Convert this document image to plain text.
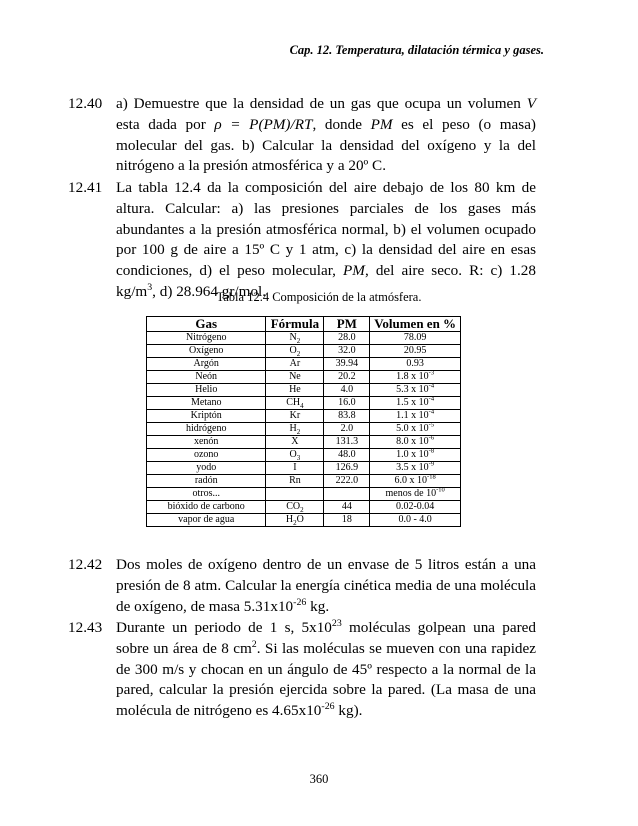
Cap. 12. Temperatura, dilatación térmica y gases.
12.40 a) Demuestre que la densidad de un gas que ocupa un volumen V esta dada por ρ = P(PM)/RT, donde PM es el peso (o masa) molecular del gas. b) Calcular la densidad del oxígeno y la del nitrógeno a la presión atmosférica y a 20º C.
12.41 La tabla 12.4 da la composición del aire debajo de los 80 km de altura. Calcular: a) las presiones parciales de los gases más abundantes a la presión atmosférica normal, b) el volumen ocupado por 100 g de aire a 15º C y 1 atm, c) la densidad del aire en esas condiciones, d) el peso molecular, PM, del aire seco. R: c) 1.28 $kg/m^3$, d) 28.964 gr/mol.
Tabla 12.4 Composición de la atmósfera.
Gas	Fórmula	PM	Volumen en %
Nitrógeno	$N_2$	28.0	78.09
Oxígeno	$O_2$	32.0	20.95
Argón	Ar	39.94	0.93
Neón	Ne	20.2	1.8 x $10^{-3}$
Helio	He	4.0	5.3 x $10^{-4}$
Metano	$CH_4$	16.0	1.5 x $10^{-4}$
Kriptón	Kr	83.8	1.1 x $10^{-4}$
hidrógeno	$H_2$	2.0	5.0 x $10^{-5}$
xenón	X	131.3	8.0 x $10^{-6}$
ozono	$O_3$	48.0	1.0 x $10^{-8}$
yodo	I	126.9	3.5 x $10^{-9}$
radón	Rn	222.0	6.0 x $10^{-18}$
otros...			menos de $10^{-10}$
bióxido de carbono	$CO_2$	44	0.02-0.04
vapor de agua	$H_2O$	18	0.0 - 4.0
12.42 Dos moles de oxígeno dentro de un envase de 5 litros están a una presión de 8 atm. Calcular la energía cinética media de una molécula de oxígeno, de masa $5.31x10^{-26}$ kg.
12.43 Durante un periodo de 1 s, $5x10^{23}$ moléculas golpean una pared sobre un área de 8 $cm^2$. Si las moléculas se mueven con una rapidez de 300 m/s y chocan en un ángulo de 45º respecto a la normal de la pared, calcular la presión ejercida sobre la pared. (La masa de una molécula de nitrógeno es $4.65x10^{-26}$ kg).
360
